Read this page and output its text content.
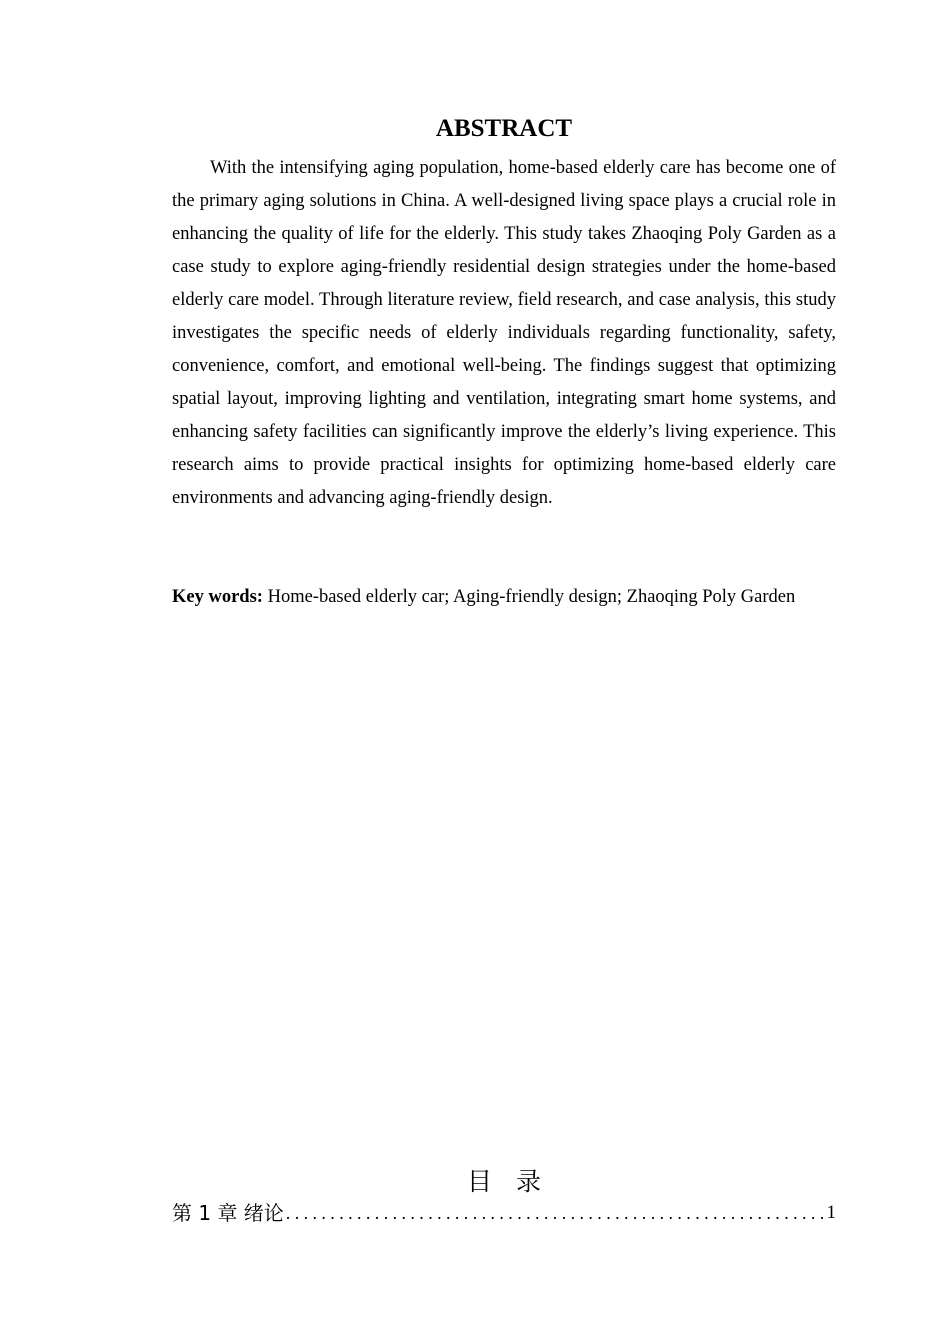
ABSTRACT

With the intensifying aging population, home-based elderly care has become one of the primary aging solutions in China. A well-designed living space plays a crucial role in enhancing the quality of life for the elderly. This study takes Zhaoqing Poly Garden as a case study to explore aging-friendly residential design strategies under the home-based elderly care model. Through literature review, field research, and case analysis, this study investigates the specific needs of elderly individuals regarding functionality, safety, convenience, comfort, and emotional well-being. The findings suggest that optimizing spatial layout, improving lighting and ventilation, integrating smart home systems, and enhancing safety facilities can significantly improve the elderly’s living experience. This research aims to provide practical insights for optimizing home-based elderly care environments and advancing aging-friendly design.

Key words: Home-based elderly car; Aging-friendly design; Zhaoqing Poly Garden

目录
第 1 章 绪论
.....	1
